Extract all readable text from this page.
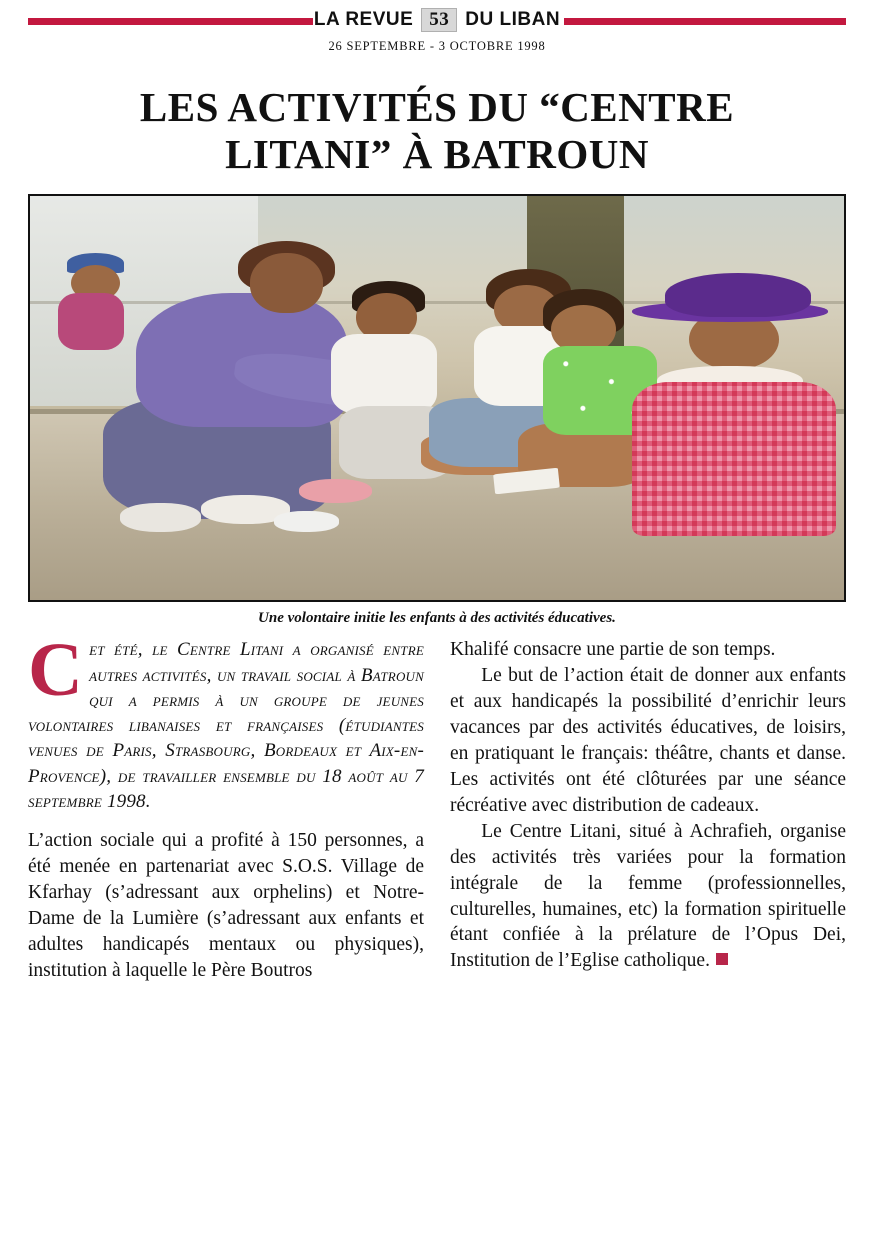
LA REVUE 53 DU LIBAN
26 SEPTEMBRE - 3 OCTOBRE 1998
LES ACTIVITÉS DU “CENTRE
LITANI” À BATROUN
Une volontaire initie les enfants à des activités éducatives.

Cet été, le Centre Litani a organisé entre autres activités, un travail social à Batroun qui a permis à un groupe de jeunes volontaires libanaises et françaises (étudiantes venues de Paris, Strasbourg, Bordeaux et Aix-en-Provence), de travailler ensemble du 18 août au 7 septembre 1998.

L’action sociale qui a profité à 150 personnes, a été menée en partenariat avec S.O.S. Village de Kfarhay (s’adressant aux orphelins) et Notre-Dame de la Lumière (s’adressant aux enfants et adultes handicapés mentaux ou physiques), institution à laquelle le Père Boutros

Khalifé consacre une partie de son temps.

Le but de l’action était de donner aux enfants et aux handicapés la possibilité d’enrichir leurs vacances par des activités éducatives, de loisirs, en pratiquant le français: théâtre, chants et danse. Les activités ont été clôturées par une séance récréative avec distribution de cadeaux.

Le Centre Litani, situé à Achrafieh, organise des activités très variées pour la formation intégrale de la femme (professionnelles, culturelles, humaines, etc) la formation spirituelle étant confiée à la prélature de l’Opus Dei, Institution de l’Eglise catholique.
